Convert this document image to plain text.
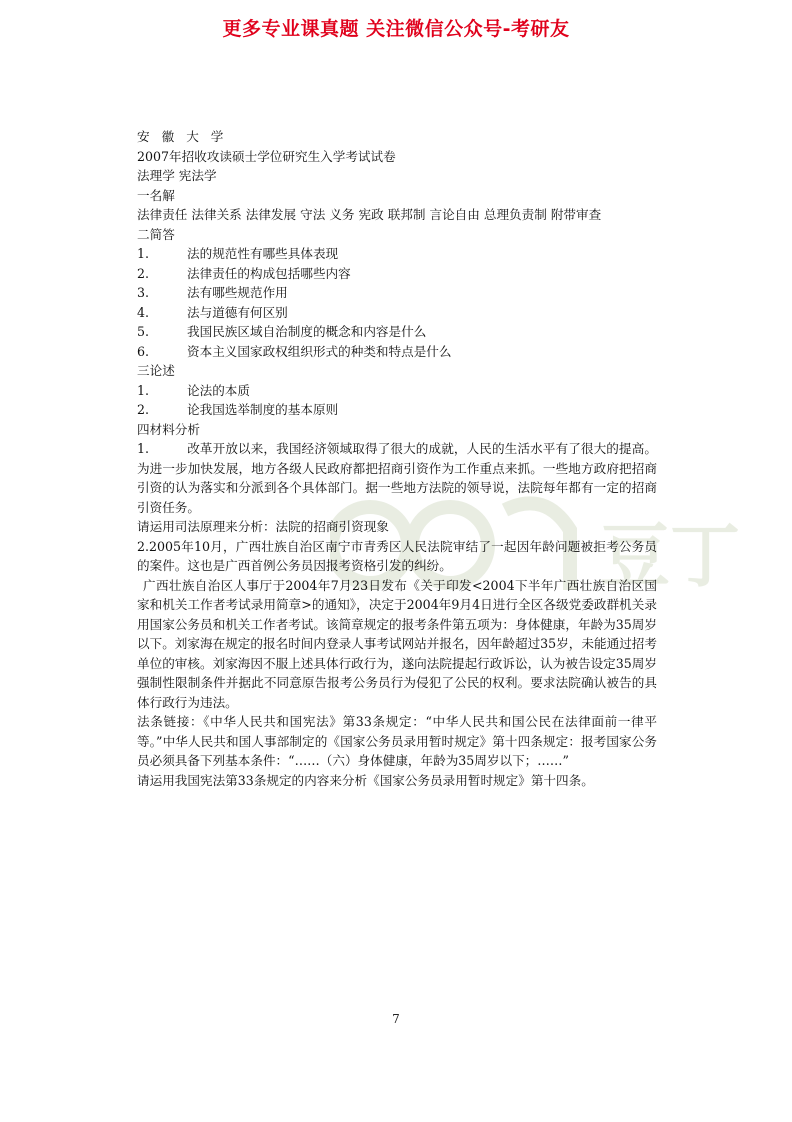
更多专业课真题 关注微信公众号-考研友
豆丁
安徽大学
2007年招收攻读硕士学位研究生入学考试试卷
法理学 宪法学
一名解
法律责任 法律关系 法律发展 守法 义务 宪政 联邦制 言论自由 总理负责制 附带审查
二简答
1.	法的规范性有哪些具体表现
2.	法律责任的构成包括哪些内容
3.	法有哪些规范作用
4.	法与道德有何区别
5.	我国民族区域自治制度的概念和内容是什么
6.	资本主义国家政权组织形式的种类和特点是什么
三论述
1.	论法的本质
2.	论我国选举制度的基本原则
四材料分析
1.　　　改革开放以来，我国经济领域取得了很大的成就，人民的生活水平有了很大的提高。为进一步加快发展，地方各级人民政府都把招商引资作为工作重点来抓。一些地方政府把招商引资的认为落实和分派到各个具体部门。据一些地方法院的领导说，法院每年都有一定的招商引资任务。
请运用司法原理来分析：法院的招商引资现象
2.2005年10月，广西壮族自治区南宁市青秀区人民法院审结了一起因年龄问题被拒考公务员的案件。这也是广西首例公务员因报考资格引发的纠纷。
广西壮族自治区人事厅于2004年7月23日发布《关于印发<2004下半年广西壮族自治区国家和机关工作者考试录用简章>的通知》，决定于2004年9月4日进行全区各级党委政群机关录用国家公务员和机关工作者考试。该简章规定的报考条件第五项为：身体健康，年龄为35周岁以下。刘家海在规定的报名时间内登录人事考试网站并报名，因年龄超过35岁，未能通过招考单位的审核。刘家海因不服上述具体行政行为，遂向法院提起行政诉讼，认为被告设定35周岁强制性限制条件并据此不同意原告报考公务员行为侵犯了公民的权利。要求法院确认被告的具体行政行为违法。
法条链接：《中华人民共和国宪法》第33条规定：“中华人民共和国公民在法律面前一律平等。”中华人民共和国人事部制定的《国家公务员录用暂时规定》第十四条规定：报考国家公务员必须具备下列基本条件：“……（六）身体健康，年龄为35周岁以下；……”
请运用我国宪法第33条规定的内容来分析《国家公务员录用暂时规定》第十四条。
7
